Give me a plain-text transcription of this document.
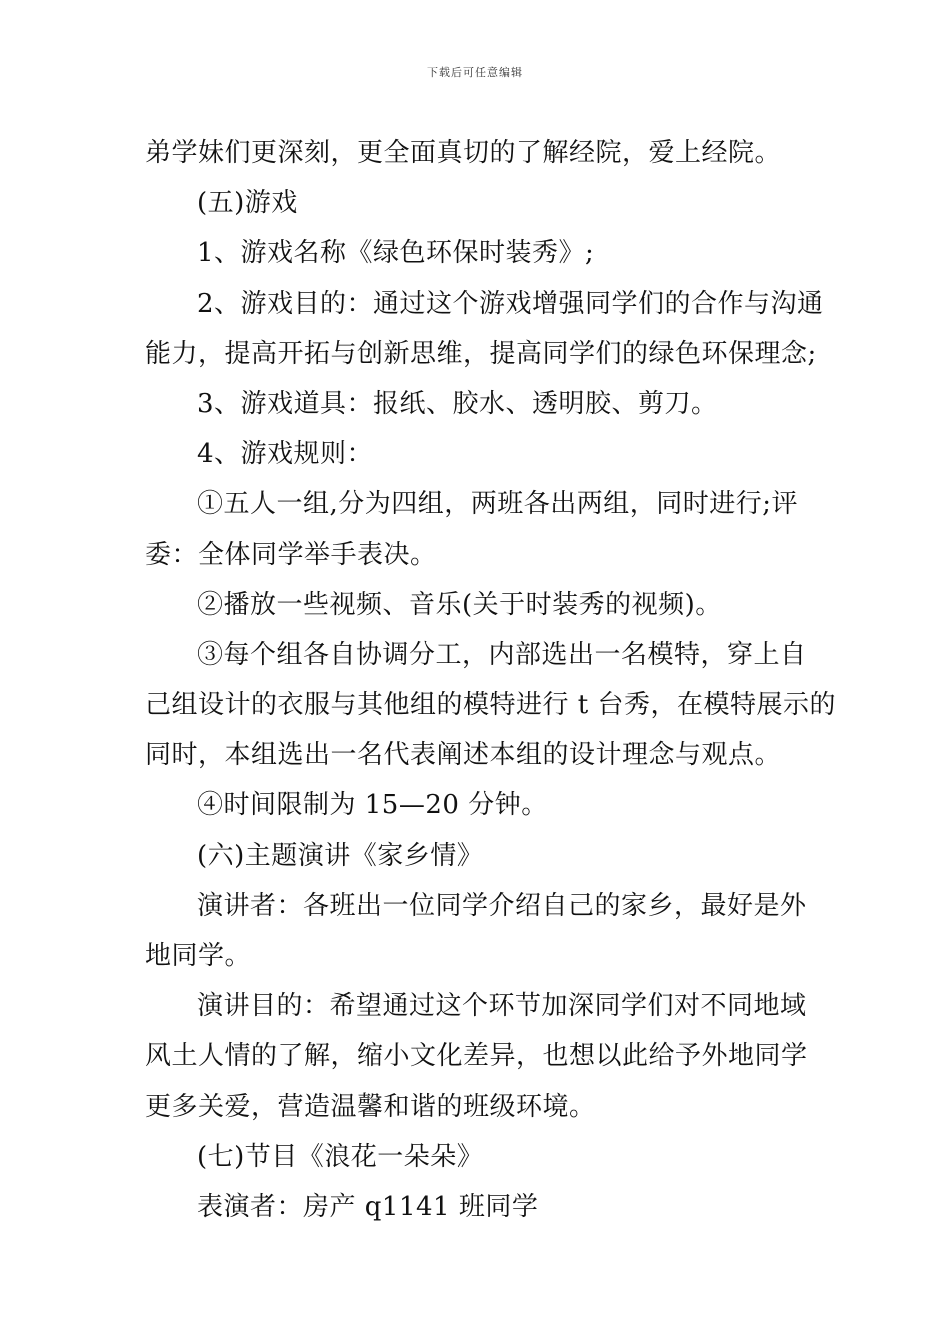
下载后可任意编辑
弟学妹们更深刻，更全面真切的了解经院，爱上经院。
(五)游戏
1、游戏名称《绿色环保时装秀》;
2、游戏目的：通过这个游戏增强同学们的合作与沟通
能力，提高开拓与创新思维，提高同学们的绿色环保理念;
3、游戏道具：报纸、胶水、透明胶、剪刀。
4、游戏规则：
①五人一组,分为四组，两班各出两组，同时进行;评
委：全体同学举手表决。
②播放一些视频、音乐(关于时装秀的视频)。
③每个组各自协调分工，内部选出一名模特，穿上自
己组设计的衣服与其他组的模特进行 t 台秀，在模特展示的
同时，本组选出一名代表阐述本组的设计理念与观点。
④时间限制为 15—20 分钟。
(六)主题演讲《家乡情》
演讲者：各班出一位同学介绍自己的家乡，最好是外
地同学。
演讲目的：希望通过这个环节加深同学们对不同地域
风土人情的了解，缩小文化差异，也想以此给予外地同学
更多关爱，营造温馨和谐的班级环境。
(七)节目《浪花一朵朵》
表演者：房产 q1141 班同学
